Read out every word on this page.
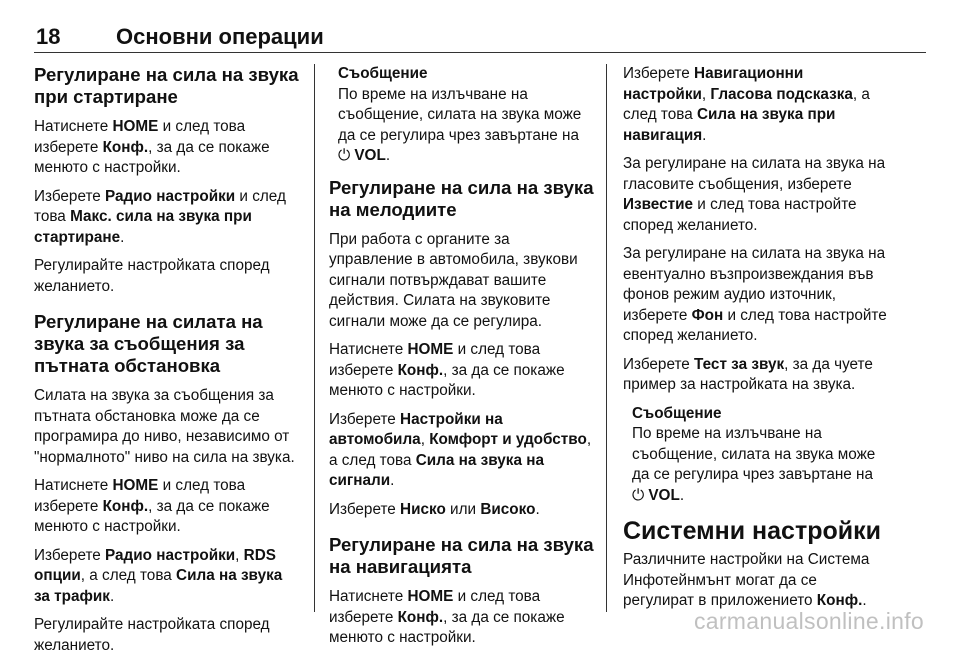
18	Основни операции
Регулиране на сила на звука при стартиране

Натиснете HOME и след това изберете Конф., за да се покаже менюто с настройки.

Изберете Радио настройки и след това Макс. сила на звука при стартиране.

Регулирайте настройката според желанието.

Регулиране на силата на звука за съобщения за пътната обстановка

Силата на звука за съобщения за пътната обстановка може да се програмира до ниво, независимо от "нормалното" ниво на сила на звука.

Натиснете HOME и след това изберете Конф., за да се покаже менюто с настройки.

Изберете Радио настройки, RDS опции, а след това Сила на звука за трафик.

Регулирайте настройката според желанието.

Съобщение
По време на излъчване на съобщение, силата на звука може да се регулира чрез завъртане на ⏻ VOL.
Регулиране на сила на звука на мелодиите

При работа с органите за управление в автомобила, звукови сигнали потвърждават вашите действия. Силата на звуковите сигнали може да се регулира.

Натиснете HOME и след това изберете Конф., за да се покаже менюто с настройки.

Изберете Настройки на автомобила, Комфорт и удобство, а след това Сила на звука на сигнали.

Изберете Ниско или Високо.

Регулиране на сила на звука на навигацията

Натиснете HOME и след това изберете Конф., за да се покаже менюто с настройки.

Изберете Навигационни настройки, Гласова подсказка, а след това Сила на звука при навигация.

За регулиране на силата на звука на гласовите съобщения, изберете Известие и след това настройте според желанието.

За регулиране на силата на звука на евентуално възпроизвеждания във фонов режим аудио източник, изберете Фон и след това настройте според желанието.

Изберете Тест за звук, за да чуете пример за настройката на звука.

Съобщение
По време на излъчване на съобщение, силата на звука може да се регулира чрез завъртане на ⏻ VOL.
Системни настройки

Различните настройки на Система Инфотейнмънт могат да се регулират в приложението Конф..

carmanualsonline.info
